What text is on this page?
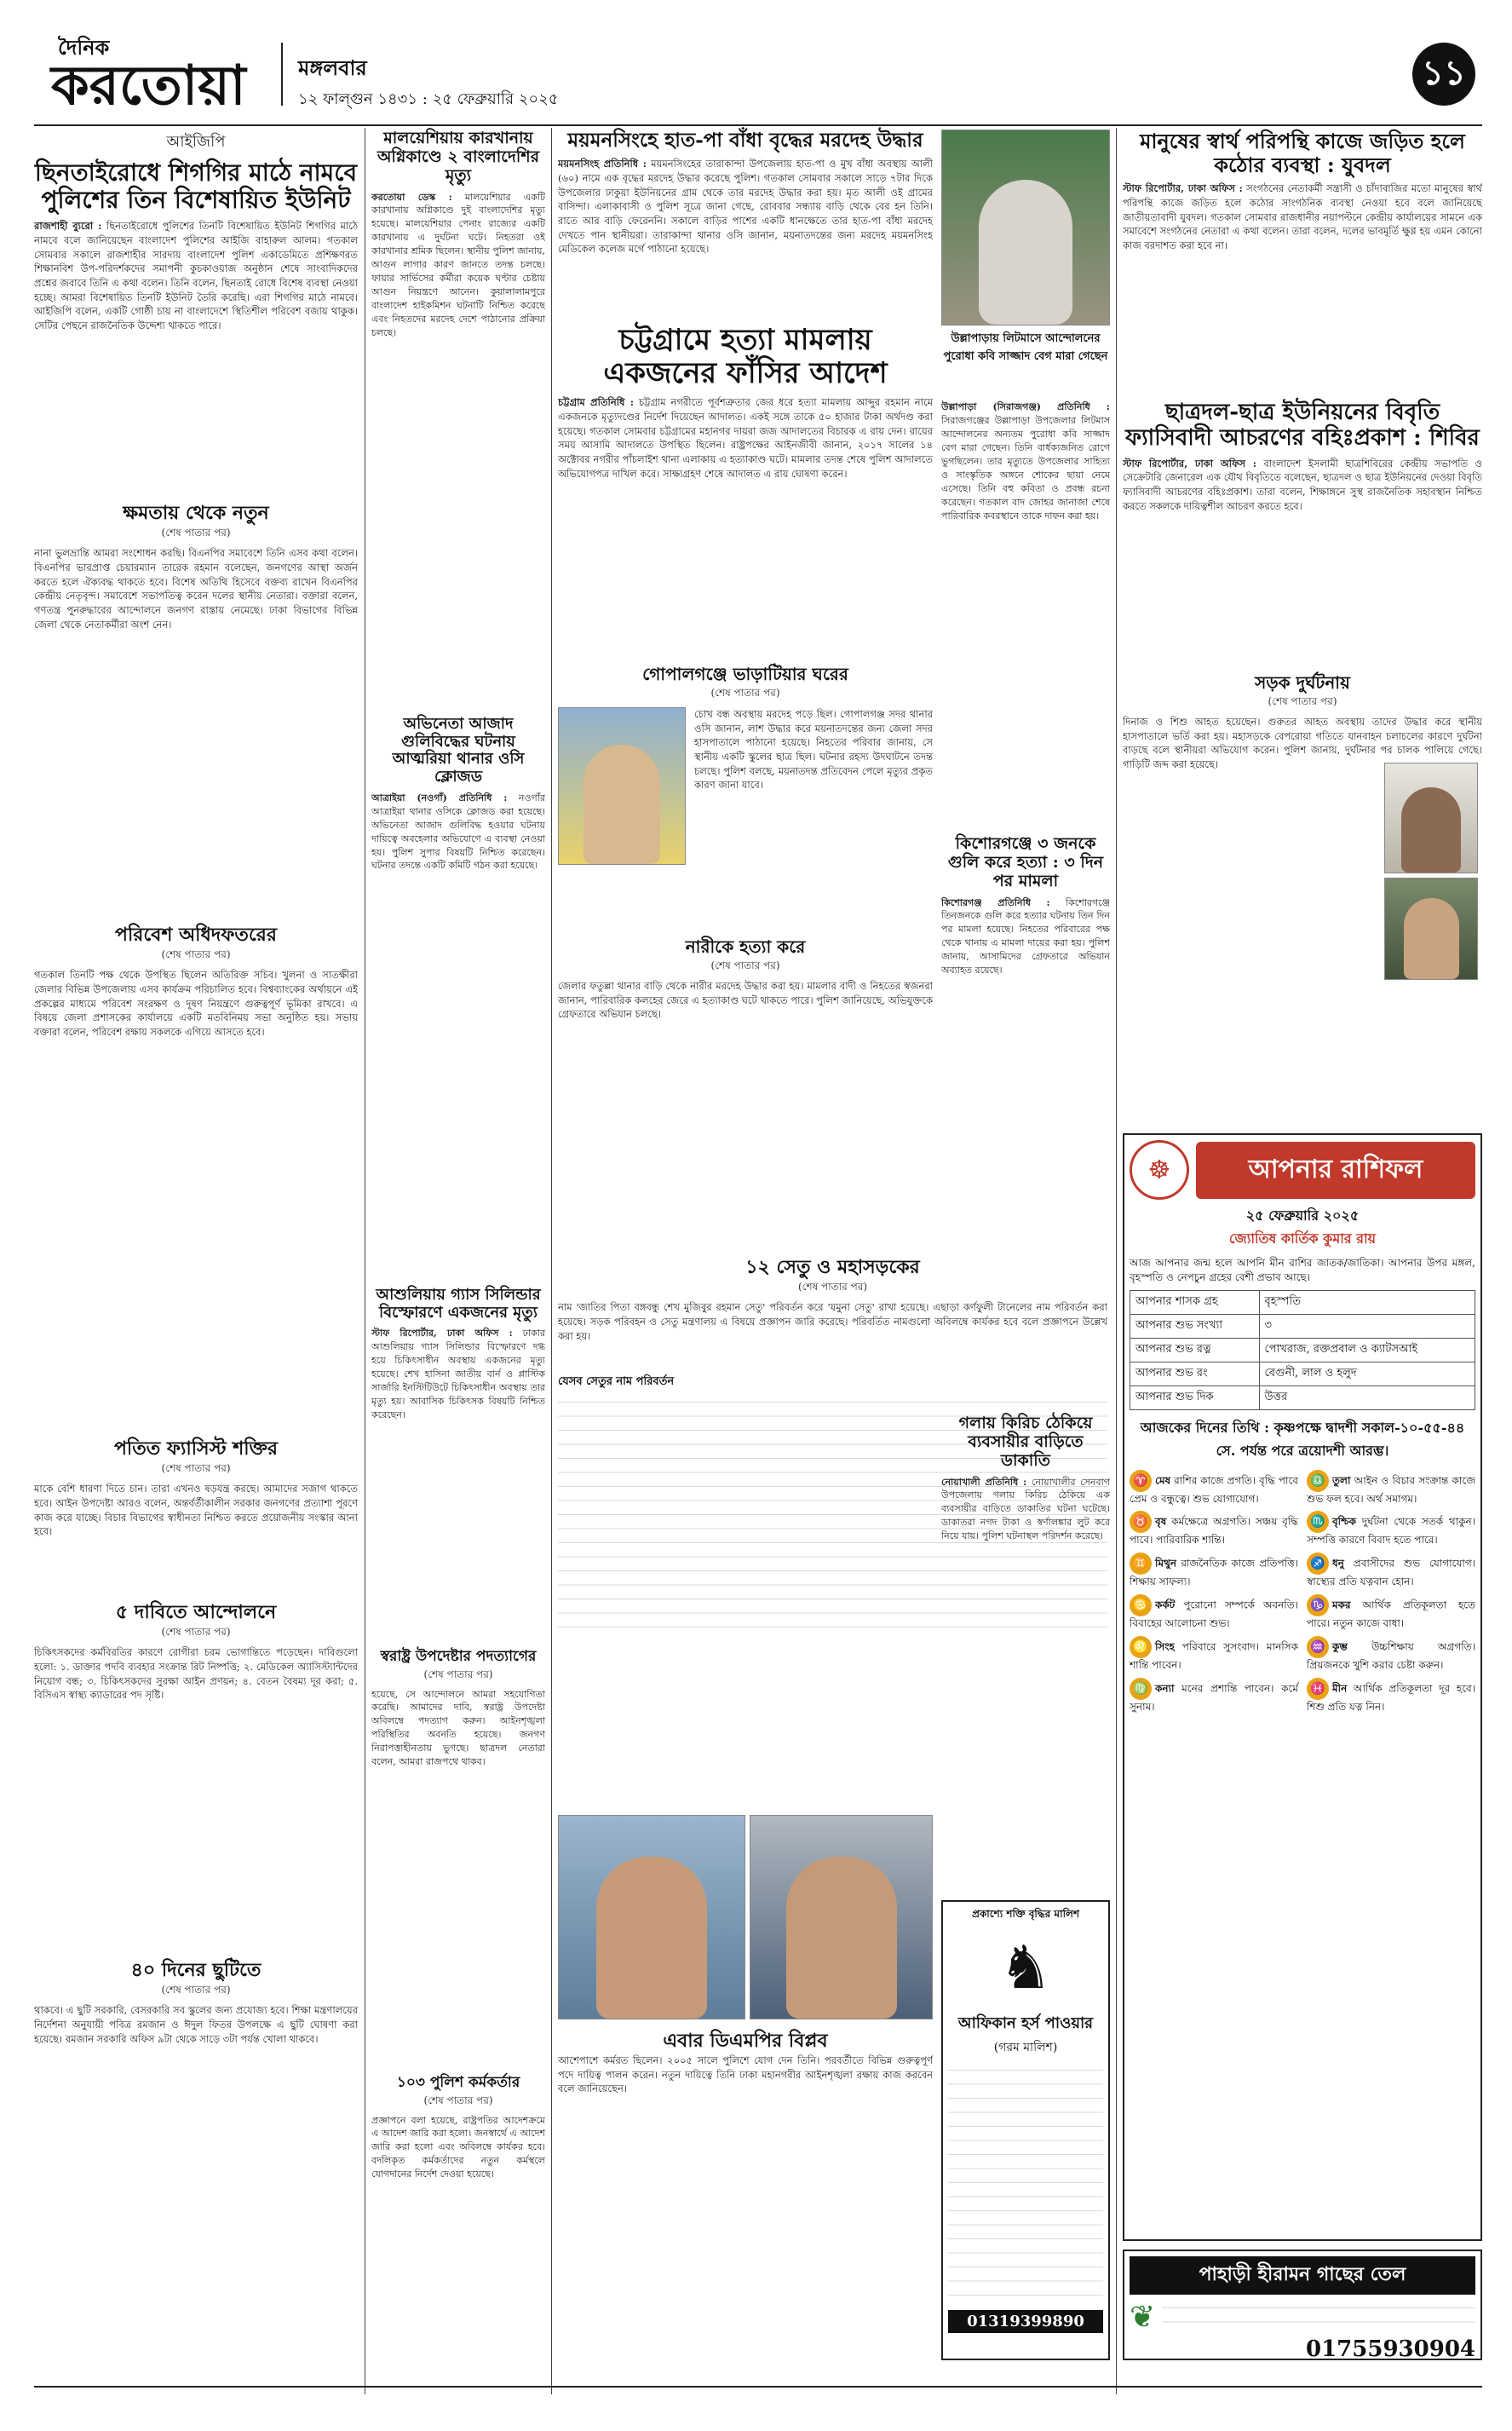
দৈনিক
করতোয়া	মঙ্গলবার
১২ ফাল্গুন ১৪৩১ : ২৫ ফেব্রুয়ারি ২০২৫
১১
আইজিপি
ছিনতাইরোধে শিগগির মাঠে নামবে পুলিশের তিন বিশেষায়িত ইউনিট
রাজশাহী ব্যুরো : ছিনতাইরোধে পুলিশের তিনটি বিশেষায়িত ইউনিট শিগগির মাঠে নামবে বলে জানিয়েছেন বাংলাদেশ পুলিশের আইজি বাহারুল আলম। গতকাল সোমবার সকালে রাজশাহীর সারদায় বাংলাদেশ পুলিশ একাডেমিতে প্রশিক্ষণরত শিক্ষানবিশ উপ-পরিদর্শকদের সমাপনী কুচকাওয়াজ অনুষ্ঠান শেষে সাংবাদিকদের প্রশ্নের জবাবে তিনি এ কথা বলেন। তিনি বলেন, ছিনতাই রোধে বিশেষ ব্যবস্থা নেওয়া হচ্ছে। আমরা বিশেষায়িত তিনটি ইউনিট তৈরি করেছি। এরা শিগগির মাঠে নামবে। আইজিপি বলেন, একটি গোষ্ঠী চায় না বাংলাদেশে স্থিতিশীল পরিবেশ বজায় থাকুক। সেটির পেছনে রাজনৈতিক উদ্দেশ্য থাকতে পারে।
ক্ষমতায় থেকে নতুন
(শেষ পাতার পর)
নানা ভুলভ্রান্তি আমরা সংশোধন করছি। বিএনপির সমাবেশে তিনি এসব কথা বলেন। বিএনপির ভারপ্রাপ্ত চেয়ারম্যান তারেক রহমান বলেছেন, জনগণের আস্থা অর্জন করতে হলে ঐক্যবদ্ধ থাকতে হবে। বিশেষ অতিথি হিসেবে বক্তব্য রাখেন বিএনপির কেন্দ্রীয় নেতৃবৃন্দ। সমাবেশে সভাপতিত্ব করেন দলের স্থানীয় নেতারা। বক্তারা বলেন, গণতন্ত্র পুনরুদ্ধারের আন্দোলনে জনগণ রাস্তায় নেমেছে। ঢাকা বিভাগের বিভিন্ন জেলা থেকে নেতাকর্মীরা অংশ নেন।
পরিবেশ অধিদফতরের
(শেষ পাতার পর)
গতকাল তিনটি পক্ষ থেকে উপস্থিত ছিলেন অতিরিক্ত সচিব। খুলনা ও সাতক্ষীরা জেলার বিভিন্ন উপজেলায় এসব কার্যক্রম পরিচালিত হবে। বিশ্বব্যাংকের অর্থায়নে এই প্রকল্পের মাধ্যমে পরিবেশ সংরক্ষণ ও দূষণ নিয়ন্ত্রণে গুরুত্বপূর্ণ ভূমিকা রাখবে। এ বিষয়ে জেলা প্রশাসকের কার্যালয়ে একটি মতবিনিময় সভা অনুষ্ঠিত হয়। সভায় বক্তারা বলেন, পরিবেশ রক্ষায় সকলকে এগিয়ে আসতে হবে।
পতিত ফ্যাসিস্ট শক্তির
(শেষ পাতার পর)
মাকে বেশি ধারণা দিতে চান। তারা এখনও ষড়যন্ত্র করছে। আমাদের সজাগ থাকতে হবে। আইন উপদেষ্টা আরও বলেন, অন্তর্বর্তীকালীন সরকার জনগণের প্রত্যাশা পূরণে কাজ করে যাচ্ছে। বিচার বিভাগের স্বাধীনতা নিশ্চিত করতে প্রয়োজনীয় সংস্কার আনা হবে।
৫ দাবিতে আন্দোলনে
(শেষ পাতার পর)
চিকিৎসকদের কর্মবিরতির কারণে রোগীরা চরম ভোগান্তিতে পড়েছেন। দাবিগুলো হলো: ১. ডাক্তার পদবি ব্যবহার সংক্রান্ত রিট নিষ্পত্তি; ২. মেডিকেল অ্যাসিস্ট্যান্টদের নিয়োগ বন্ধ; ৩. চিকিৎসকদের সুরক্ষা আইন প্রণয়ন; ৪. বেতন বৈষম্য দূর করা; ৫. বিসিএস স্বাস্থ্য ক্যাডারের পদ সৃষ্টি।
৪০ দিনের ছুটিতে
(শেষ পাতার পর)
থাকবে। এ ছুটি সরকারি, বেসরকারি সব স্কুলের জন্য প্রযোজ্য হবে। শিক্ষা মন্ত্রণালয়ের নির্দেশনা অনুযায়ী পবিত্র রমজান ও ঈদুল ফিতর উপলক্ষে এ ছুটি ঘোষণা করা হয়েছে। রমজান সরকারি অফিস ৯টা থেকে সাড়ে ৩টা পর্যন্ত খোলা থাকবে।
মালয়েশিয়ায় কারখানায় অগ্নিকাণ্ডে ২ বাংলাদেশির মৃত্যু
করতোয়া ডেস্ক : মালয়েশিয়ার একটি কারখানায় অগ্নিকাণ্ডে দুই বাংলাদেশির মৃত্যু হয়েছে। মালয়েশিয়ার পেনাং রাজ্যের একটি কারখানায় এ দুর্ঘটনা ঘটে। নিহতরা ওই কারখানার শ্রমিক ছিলেন। স্থানীয় পুলিশ জানায়, আগুন লাগার কারণ জানতে তদন্ত চলছে। ফায়ার সার্ভিসের কর্মীরা কয়েক ঘণ্টার চেষ্টায় আগুন নিয়ন্ত্রণে আনেন। কুয়ালালামপুরে বাংলাদেশ হাইকমিশন ঘটনাটি নিশ্চিত করেছে এবং নিহতদের মরদেহ দেশে পাঠানোর প্রক্রিয়া চলছে।
অভিনেতা আজাদ গুলিবিদ্ধের ঘটনায় আত্মরিয়া থানার ওসি ক্লোজড
আত্রাইয়া (নওগাঁ) প্রতিনিধি : নওগাঁর আত্রাইয়া থানার ওসিকে ক্লোজড করা হয়েছে। অভিনেতা আজাদ গুলিবিদ্ধ হওয়ার ঘটনায় দায়িত্বে অবহেলার অভিযোগে এ ব্যবস্থা নেওয়া হয়। পুলিশ সুপার বিষয়টি নিশ্চিত করেছেন। ঘটনার তদন্তে একটি কমিটি গঠন করা হয়েছে।
আশুলিয়ায় গ্যাস সিলিন্ডার বিস্ফোরণে একজনের মৃত্যু
স্টাফ রিপোর্টার, ঢাকা অফিস : ঢাকার আশুলিয়ায় গ্যাস সিলিন্ডার বিস্ফোরণে দগ্ধ হয়ে চিকিৎসাধীন অবস্থায় একজনের মৃত্যু হয়েছে। শেখ হাসিনা জাতীয় বার্ন ও প্লাস্টিক সার্জারি ইনস্টিটিউটে চিকিৎসাধীন অবস্থায় তার মৃত্যু হয়। আবাসিক চিকিৎসক বিষয়টি নিশ্চিত করেছেন।
স্বরাষ্ট্র উপদেষ্টার পদত্যাগের
(শেষ পাতার পর)
হয়েছে, সে আন্দোলনে আমরা সহযোগিতা করেছি। আমাদের দাবি, স্বরাষ্ট্র উপদেষ্টা অবিলম্বে পদত্যাগ করুন। আইনশৃঙ্খলা পরিস্থিতির অবনতি হয়েছে। জনগণ নিরাপত্তাহীনতায় ভুগছে। ছাত্রদল নেতারা বলেন, আমরা রাজপথে থাকব।
১০৩ পুলিশ কর্মকর্তার
(শেষ পাতার পর)
প্রজ্ঞাপনে বলা হয়েছে, রাষ্ট্রপতির আদেশক্রমে এ আদেশ জারি করা হলো। জনস্বার্থে এ আদেশ জারি করা হলো এবং অবিলম্বে কার্যকর হবে। বদলিকৃত কর্মকর্তাদের নতুন কর্মস্থলে যোগদানের নির্দেশ দেওয়া হয়েছে।
ময়মনসিংহে হাত-পা বাঁধা বৃদ্ধের মরদেহ উদ্ধার
ময়মনসিংহ প্রতিনিধি : ময়মনসিংহের তারাকান্দা উপজেলায় হাত-পা ও মুখ বাঁধা অবস্থায় আলী (৬০) নামে এক বৃদ্ধের মরদেহ উদ্ধার করেছে পুলিশ। গতকাল সোমবার সকালে সাড়ে ৭টার দিকে উপজেলার ঢাকুয়া ইউনিয়নের গ্রাম থেকে তার মরদেহ উদ্ধার করা হয়। মৃত আলী ওই গ্রামের বাসিন্দা। এলাকাবাসী ও পুলিশ সূত্রে জানা গেছে, রোববার সন্ধ্যায় বাড়ি থেকে বের হন তিনি। রাতে আর বাড়ি ফেরেননি। সকালে বাড়ির পাশের একটি ধানক্ষেতে তার হাত-পা বাঁধা মরদেহ দেখতে পান স্থানীয়রা। তারাকান্দা থানার ওসি জানান, ময়নাতদন্তের জন্য মরদেহ ময়মনসিংহ মেডিকেল কলেজ মর্গে পাঠানো হয়েছে।
উল্লাপাড়ায় লিটমাসে আন্দোলনের পুরোধা কবি সাজ্জাদ বেগ মারা গেছেন
চট্টগ্রামে হত্যা মামলায় একজনের ফাঁসির আদেশ
চট্টগ্রাম প্রতিনিধি : চট্টগ্রাম নগরীতে পূর্বশত্রুতার জের ধরে হত্যা মামলায় আব্দুর রহমান নামে একজনকে মৃত্যুদণ্ডের নির্দেশ দিয়েছেন আদালত। একই সঙ্গে তাকে ৫০ হাজার টাকা অর্থদণ্ড করা হয়েছে। গতকাল সোমবার চট্টগ্রামের মহানগর দায়রা জজ আদালতের বিচারক এ রায় দেন। রায়ের সময় আসামি আদালতে উপস্থিত ছিলেন। রাষ্ট্রপক্ষের আইনজীবী জানান, ২০১৭ সালের ১৪ অক্টোবর নগরীর পাঁচলাইশ থানা এলাকায় এ হত্যাকাণ্ড ঘটে। মামলার তদন্ত শেষে পুলিশ আদালতে অভিযোগপত্র দাখিল করে। সাক্ষ্যগ্রহণ শেষে আদালত এ রায় ঘোষণা করেন।
উল্লাপাড়া (সিরাজগঞ্জ) প্রতিনিধি : সিরাজগঞ্জের উল্লাপাড়া উপজেলার লিটমাস আন্দোলনের অন্যতম পুরোধা কবি সাজ্জাদ বেগ মারা গেছেন। তিনি বার্ধক্যজনিত রোগে ভুগছিলেন। তার মৃত্যুতে উপজেলার সাহিত্য ও সাংস্কৃতিক অঙ্গনে শোকের ছায়া নেমে এসেছে। তিনি বহু কবিতা ও প্রবন্ধ রচনা করেছেন। গতকাল বাদ জোহর জানাজা শেষে পারিবারিক কবরস্থানে তাকে দাফন করা হয়।
গোপালগঞ্জে ভাড়াটিয়ার ঘরের
(শেষ পাতার পর)
চোখ বন্ধ অবস্থায় মরদেহ পড়ে ছিল। গোপালগঞ্জ সদর থানার ওসি জানান, লাশ উদ্ধার করে ময়নাতদন্তের জন্য জেলা সদর হাসপাতালে পাঠানো হয়েছে। নিহতের পরিবার জানায়, সে স্থানীয় একটি স্কুলের ছাত্র ছিল। ঘটনার রহস্য উদঘাটনে তদন্ত চলছে। পুলিশ বলছে, ময়নাতদন্ত প্রতিবেদন পেলে মৃত্যুর প্রকৃত কারণ জানা যাবে।
নারীকে হত্যা করে
(শেষ পাতার পর)
জেলার ফতুল্লা থানার বাড়ি থেকে নারীর মরদেহ উদ্ধার করা হয়। মামলার বাদী ও নিহতের স্বজনরা জানান, পারিবারিক কলহের জেরে এ হত্যাকাণ্ড ঘটে থাকতে পারে। পুলিশ জানিয়েছে, অভিযুক্তকে গ্রেফতারে অভিযান চলছে।
কিশোরগঞ্জে ৩ জনকে গুলি করে হত্যা : ৩ দিন পর মামলা
কিশোরগঞ্জ প্রতিনিধি : কিশোরগঞ্জে তিনজনকে গুলি করে হত্যার ঘটনায় তিন দিন পর মামলা হয়েছে। নিহতের পরিবারের পক্ষ থেকে থানায় এ মামলা দায়ের করা হয়। পুলিশ জানায়, আসামিদের গ্রেফতারে অভিযান অব্যাহত রয়েছে।
১২ সেতু ও মহাসড়কের
(শেষ পাতার পর)
নাম 'জাতির পিতা বঙ্গবন্ধু শেখ মুজিবুর রহমান সেতু' পরিবর্তন করে 'যমুনা সেতু' রাখা হয়েছে। এছাড়া কর্ণফুলী টানেলের নাম পরিবর্তন করা হয়েছে। সড়ক পরিবহন ও সেতু মন্ত্রণালয় এ বিষয়ে প্রজ্ঞাপন জারি করেছে। পরিবর্তিত নামগুলো অবিলম্বে কার্যকর হবে বলে প্রজ্ঞাপনে উল্লেখ করা হয়।
যেসব সেতুর নাম পরিবর্তন
গলায় কিরিচ ঠেকিয়ে ব্যবসায়ীর বাড়িতে ডাকাতি
নোয়াখালী প্রতিনিধি : নোয়াখালীর সেনবাগ উপজেলায় গলায় কিরিচ ঠেকিয়ে এক ব্যবসায়ীর বাড়িতে ডাকাতির ঘটনা ঘটেছে। ডাকাতরা নগদ টাকা ও স্বর্ণালঙ্কার লুট করে নিয়ে যায়। পুলিশ ঘটনাস্থল পরিদর্শন করেছে।
এবার ডিএমপির বিপ্লব
আশেপাশে কর্মরত ছিলেন। ২০০৫ সালে পুলিশে যোগ দেন তিনি। পরবর্তীতে বিভিন্ন গুরুত্বপূর্ণ পদে দায়িত্ব পালন করেন। নতুন দায়িত্বে তিনি ঢাকা মহানগরীর আইনশৃঙ্খলা রক্ষায় কাজ করবেন বলে জানিয়েছেন।
প্রকাশ্যে শক্তি বৃদ্ধির মালিশ
♞
আফিকান হর্স পাওয়ার
(গরম মালিশ)
01319399890
মানুষের স্বার্থ পরিপন্থি কাজে জড়িত হলে কঠোর ব্যবস্থা : যুবদল
স্টাফ রিপোর্টার, ঢাকা অফিস : সংগঠনের নেতাকর্মী সন্ত্রাসী ও চাঁদাবাজির মতো মানুষের স্বার্থ পরিপন্থি কাজে জড়িত হলে কঠোর সাংগঠনিক ব্যবস্থা নেওয়া হবে বলে জানিয়েছে জাতীয়তাবাদী যুবদল। গতকাল সোমবার রাজধানীর নয়াপল্টনে কেন্দ্রীয় কার্যালয়ের সামনে এক সমাবেশে সংগঠনের নেতারা এ কথা বলেন। তারা বলেন, দলের ভাবমূর্তি ক্ষুণ্ণ হয় এমন কোনো কাজ বরদাশত করা হবে না।
ছাত্রদল-ছাত্র ইউনিয়নের বিবৃতি ফ্যাসিবাদী আচরণের বহিঃপ্রকাশ : শিবির
স্টাফ রিপোর্টার, ঢাকা অফিস : বাংলাদেশ ইসলামী ছাত্রশিবিরের কেন্দ্রীয় সভাপতি ও সেক্রেটারি জেনারেল এক যৌথ বিবৃতিতে বলেছেন, ছাত্রদল ও ছাত্র ইউনিয়নের দেওয়া বিবৃতি ফ্যাসিবাদী আচরণের বহিঃপ্রকাশ। তারা বলেন, শিক্ষাঙ্গনে সুস্থ রাজনৈতিক সহাবস্থান নিশ্চিত করতে সকলকে দায়িত্বশীল আচরণ করতে হবে।
সড়ক দুর্ঘটনায়
(শেষ পাতার পর)
দিনাজ ও শিশু আহত হয়েছেন। গুরুতর আহত অবস্থায় তাদের উদ্ধার করে স্থানীয় হাসপাতালে ভর্তি করা হয়। মহাসড়কে বেপরোয়া গতিতে যানবাহন চলাচলের কারণে দুর্ঘটনা বাড়ছে বলে স্থানীয়রা অভিযোগ করেন। পুলিশ জানায়, দুর্ঘটনার পর চালক পালিয়ে গেছে। গাড়িটি জব্দ করা হয়েছে।
☸	আপনার রাশিফল
২৫ ফেব্রুয়ারি ২০২৫
জ্যোতিষ কার্তিক কুমার রায়
আজ আপনার জন্ম হলে আপনি মীন রাশির জাতক/জাতিকা। আপনার উপর মঙ্গল, বৃহস্পতি ও নেপচুন গ্রহের বেশী প্রভাব আছে।
আপনার শাসক গ্রহ	বৃহস্পতি
আপনার শুভ সংখ্যা	৩
আপনার শুভ রত্ন	পোখরাজ, রক্তপ্রবাল ও ক্যাটসআই
আপনার শুভ রং	বেগুনী, লাল ও হলুদ
আপনার শুভ দিক	উত্তর
আজকের দিনের তিথি : কৃষ্ণপক্ষে দ্বাদশী সকাল-১০-৫৫-৪৪ সে. পর্যন্ত পরে ত্রয়োদশী আরম্ভ।
♈ মেষ রাশির কাজে প্রগতি। বৃদ্ধি পাবে প্রেম ও বন্ধুত্বে। শুভ যোগাযোগ।
♎ তুলা আইন ও বিচার সংক্রান্ত কাজে শুভ ফল হবে। অর্থ সমাগম।
♉ বৃষ কর্মক্ষেত্রে অগ্রগতি। সঞ্চয় বৃদ্ধি পাবে। পারিবারিক শান্তি।
♏ বৃশ্চিক দুর্ঘটনা থেকে সতর্ক থাকুন। সম্পত্তি কারণে বিবাদ হতে পারে।
♊ মিথুন রাজনৈতিক কাজে প্রতিপত্তি। শিক্ষায় সাফল্য।
♐ ধনু প্রবাসীদের শুভ যোগাযোগ। স্বাস্থ্যের প্রতি যত্নবান হোন।
♋ কর্কট পুরোনো সম্পর্কে অবনতি। বিবাহের আলোচনা শুভ।
♑ মকর আর্থিক প্রতিকূলতা হতে পারে। নতুন কাজে বাধা।
♌ সিংহ পরিবারে সুসংবাদ। মানসিক শান্তি পাবেন।
♒ কুম্ভ উচ্চশিক্ষায় অগ্রগতি। প্রিয়জনকে খুশি করার চেষ্টা করুন।
♍ কন্যা মনের প্রশান্তি পাবেন। কর্মে সুনাম।
♓ মীন আর্থিক প্রতিকূলতা দূর হবে। শিশু প্রতি যত্ন নিন।
পাহাড়ী হীরামন গাছের তেল
❦
01755930904
